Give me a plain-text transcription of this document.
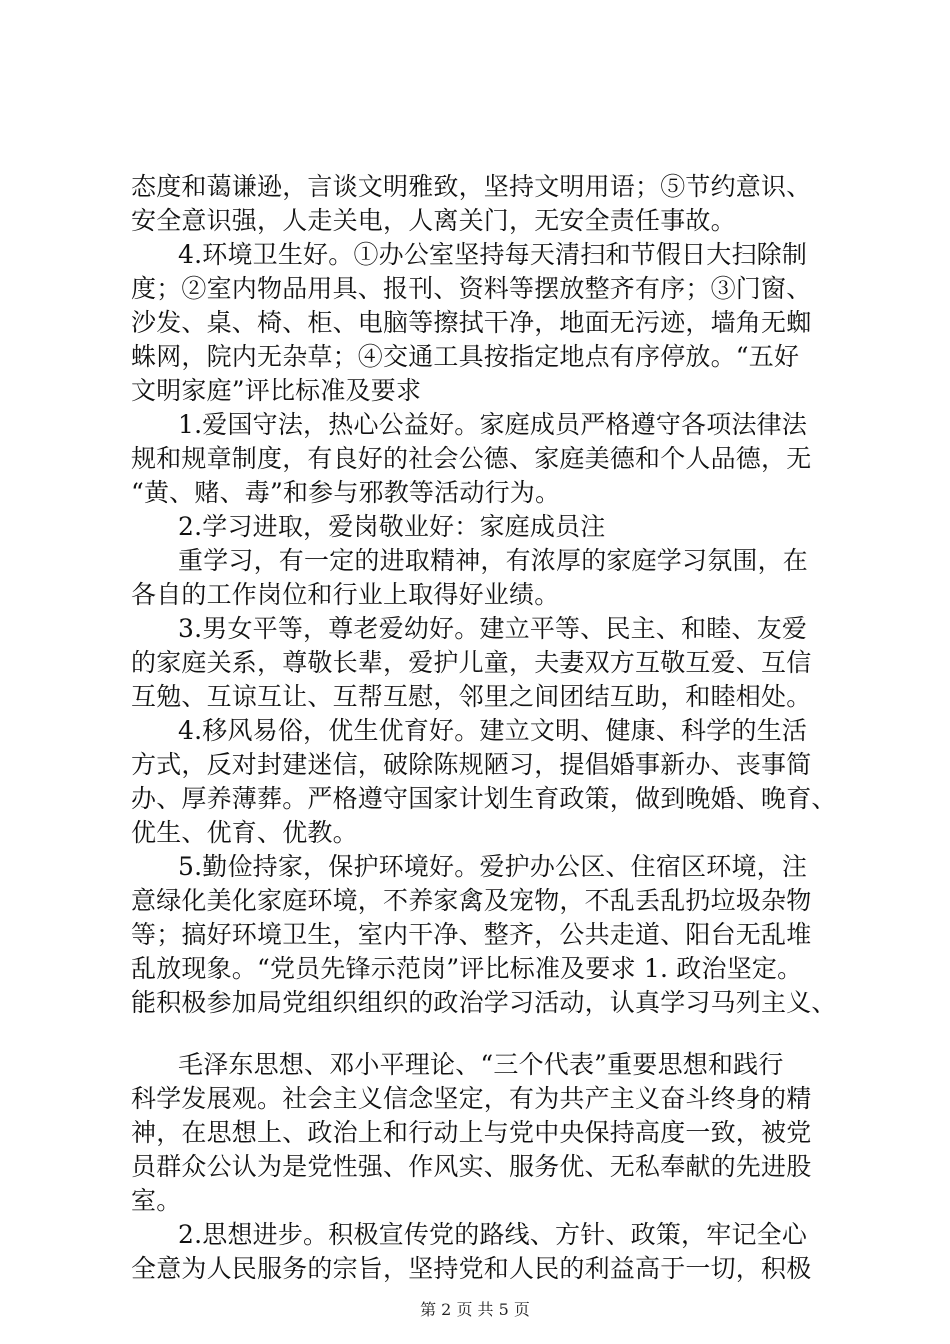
态度和蔼谦逊，言谈文明雅致，坚持文明用语；⑤节约意识、
安全意识强，人走关电，人离关门，无安全责任事故。
4.环境卫生好。①办公室坚持每天清扫和节假日大扫除制
度；②室内物品用具、报刊、资料等摆放整齐有序；③门窗、
沙发、桌、椅、柜、电脑等擦拭干净，地面无污迹，墙角无蜘
蛛网，院内无杂草；④交通工具按指定地点有序停放。“五好
文明家庭”评比标准及要求
1.爱国守法，热心公益好。家庭成员严格遵守各项法律法
规和规章制度，有良好的社会公德、家庭美德和个人品德，无
“黄、赌、毒”和参与邪教等活动行为。
2.学习进取，爱岗敬业好：家庭成员注
重学习，有一定的进取精神，有浓厚的家庭学习氛围，在
各自的工作岗位和行业上取得好业绩。
3.男女平等，尊老爱幼好。建立平等、民主、和睦、友爱
的家庭关系，尊敬长辈，爱护儿童，夫妻双方互敬互爱、互信
互勉、互谅互让、互帮互慰，邻里之间团结互助，和睦相处。
4.移风易俗，优生优育好。建立文明、健康、科学的生活
方式，反对封建迷信，破除陈规陋习，提倡婚事新办、丧事简
办、厚养薄葬。严格遵守国家计划生育政策，做到晚婚、晚育、
优生、优育、优教。
5.勤俭持家，保护环境好。爱护办公区、住宿区环境，注
意绿化美化家庭环境，不养家禽及宠物，不乱丢乱扔垃圾杂物
等；搞好环境卫生，室内干净、整齐，公共走道、阳台无乱堆
乱放现象。“党员先锋示范岗”评比标准及要求 1. 政治坚定。
能积极参加局党组织组织的政治学习活动，认真学习马列主义、
毛泽东思想、邓小平理论、“三个代表”重要思想和践行
科学发展观。社会主义信念坚定，有为共产主义奋斗终身的精
神，在思想上、政治上和行动上与党中央保持高度一致，被党
员群众公认为是党性强、作风实、服务优、无私奉献的先进股
室。
2.思想进步。积极宣传党的路线、方针、政策，牢记全心
全意为人民服务的宗旨，坚持党和人民的利益高于一切，积极
第 2 页 共 5 页
